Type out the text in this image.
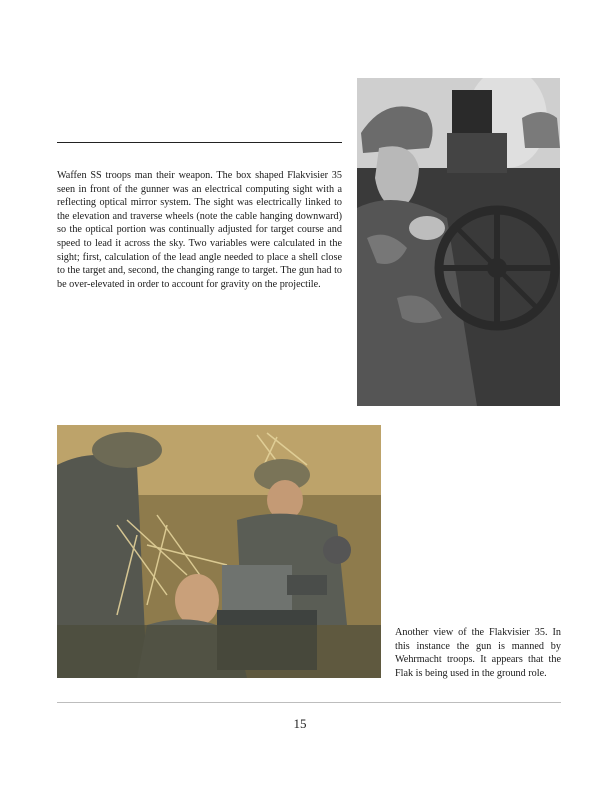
Waffen SS troops man their weapon. The box shaped Flakvisier 35 seen in front of the gunner was an electrical computing sight with a reflecting optical mirror system. The sight was electrically linked to the elevation and traverse wheels (note the cable hanging downward) so the optical portion was continually adjusted for target course and speed to lead it across the sky. Two variables were calculated in the sight; first, calculation of the lead angle needed to place a shell close to the target and, second, the changing range to target. The gun had to be over-elevated in order to account for gravity on the projectile.

Another view of the Flakvisier 35. In this instance the gun is manned by Wehrmacht troops. It appears that the Flak is being used in the ground role.

15
